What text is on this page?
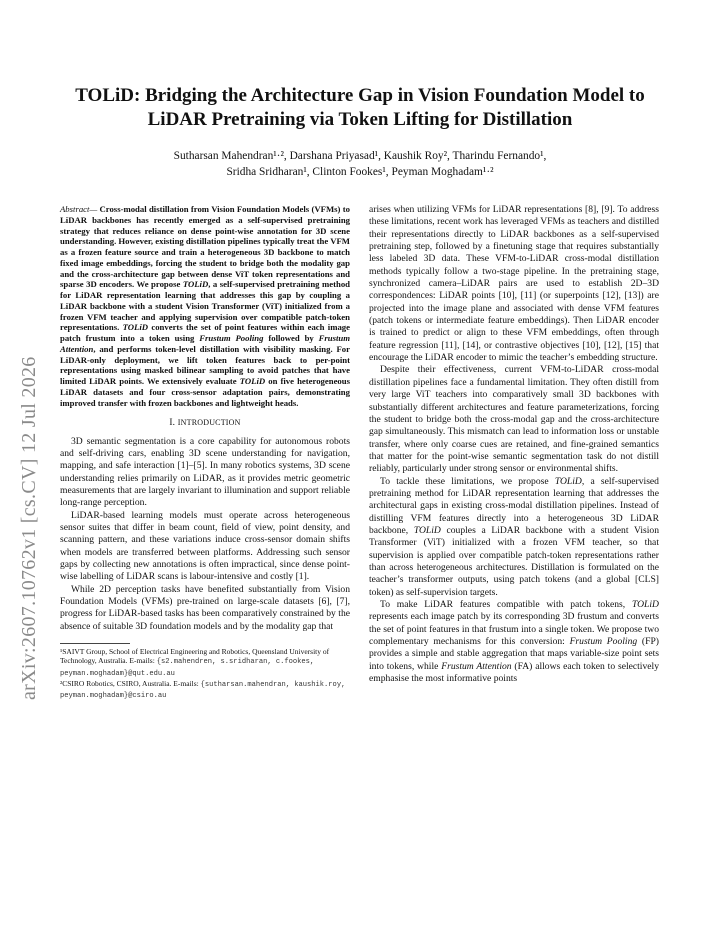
arXiv:2607.10762v1 [cs.CV] 12 Jul 2026
TOLiD: Bridging the Architecture Gap in Vision Foundation Model to
LiDAR Pretraining via Token Lifting for Distillation
Sutharsan Mahendran¹·², Darshana Priyasad¹, Kaushik Roy², Tharindu Fernando¹,
Sridha Sridharan¹, Clinton Fookes¹, Peyman Moghadam¹·²
Abstract— Cross-modal distillation from Vision Foundation Models (VFMs) to LiDAR backbones has recently emerged as a self-supervised pretraining strategy that reduces reliance on dense point-wise annotation for 3D scene understanding. However, existing distillation pipelines typically treat the VFM as a frozen feature source and train a heterogeneous 3D backbone to match fixed image embeddings, forcing the student to bridge both the modality gap and the cross-architecture gap between dense ViT token representations and sparse 3D encoders. We propose TOLiD, a self-supervised pretraining method for LiDAR representation learning that addresses this gap by coupling a LiDAR backbone with a student Vision Transformer (ViT) initialized from a frozen VFM teacher and applying supervision over compatible patch-token representations. TOLiD converts the set of point features within each image patch frustum into a token using Frustum Pooling followed by Frustum Attention, and performs token-level distillation with visibility masking. For LiDAR-only deployment, we lift token features back to per-point representations using masked bilinear sampling to avoid patches that have limited LiDAR points. We extensively evaluate TOLiD on five heterogeneous LiDAR datasets and four cross-sensor adaptation pairs, demonstrating improved transfer with frozen backbones and lightweight heads.
I. INTRODUCTION

3D semantic segmentation is a core capability for autonomous robots and self-driving cars, enabling 3D scene understanding for navigation, mapping, and safe interaction [1]–[5]. In many robotics systems, 3D scene understanding relies primarily on LiDAR, as it provides metric geometric measurements that are largely invariant to illumination and support reliable long-range perception.

LiDAR-based learning models must operate across heterogeneous sensor suites that differ in beam count, field of view, point density, and scanning pattern, and these variations induce cross-sensor domain shifts when models are transferred between platforms. Addressing such sensor gaps by collecting new annotations is often impractical, since dense point-wise labelling of LiDAR scans is labour-intensive and costly [1].

While 2D perception tasks have benefited substantially from Vision Foundation Models (VFMs) pre-trained on large-scale datasets [6], [7], progress for LiDAR-based tasks has been comparatively constrained by the absence of suitable 3D foundation models and by the modality gap that

¹SAIVT Group, School of Electrical Engineering and Robotics, Queensland University of Technology, Australia. E-mails: {s2.mahendren, s.sridharan, c.fookes, peyman.moghadam}@qut.edu.au
²CSIRO Robotics, CSIRO, Australia. E-mails: {sutharsan.mahendran, kaushik.roy, peyman.moghadam}@csiro.au

arises when utilizing VFMs for LiDAR representations [8], [9]. To address these limitations, recent work has leveraged VFMs as teachers and distilled their representations directly to LiDAR backbones as a self-supervised pretraining step, followed by a finetuning stage that requires substantially less labeled 3D data. These VFM-to-LiDAR cross-modal distillation methods typically follow a two-stage pipeline. In the pretraining stage, synchronized camera–LiDAR pairs are used to establish 2D–3D correspondences: LiDAR points [10], [11] (or superpoints [12], [13]) are projected into the image plane and associated with dense VFM features (patch tokens or intermediate feature embeddings). Then LiDAR encoder is trained to predict or align to these VFM embeddings, often through feature regression [11], [14], or contrastive objectives [10], [12], [15] that encourage the LiDAR encoder to mimic the teacher’s embedding structure.

Despite their effectiveness, current VFM-to-LiDAR cross-modal distillation pipelines face a fundamental limitation. They often distill from very large ViT teachers into comparatively small 3D backbones with substantially different architectures and feature parameterizations, forcing the student to bridge both the cross-modal gap and the cross-architecture gap simultaneously. This mismatch can lead to information loss or unstable transfer, where only coarse cues are retained, and fine-grained semantics that matter for the point-wise semantic segmentation task do not distill reliably, particularly under strong sensor or environmental shifts.

To tackle these limitations, we propose TOLiD, a self-supervised pretraining method for LiDAR representation learning that addresses the architectural gaps in existing cross-modal distillation pipelines. Instead of distilling VFM features directly into a heterogeneous 3D LiDAR backbone, TOLiD couples a LiDAR backbone with a student Vision Transformer (ViT) initialized with a frozen VFM teacher, so that supervision is applied over compatible patch-token representations rather than across heterogeneous architectures. Distillation is formulated on the teacher’s transformer outputs, using patch tokens (and a global [CLS] token) as self-supervision targets.

To make LiDAR features compatible with patch tokens, TOLiD represents each image patch by its corresponding 3D frustum and converts the set of point features in that frustum into a single token. We propose two complementary mechanisms for this conversion: Frustum Pooling (FP) provides a simple and stable aggregation that maps variable-size point sets into tokens, while Frustum Attention (FA) allows each token to selectively emphasise the most informative points
